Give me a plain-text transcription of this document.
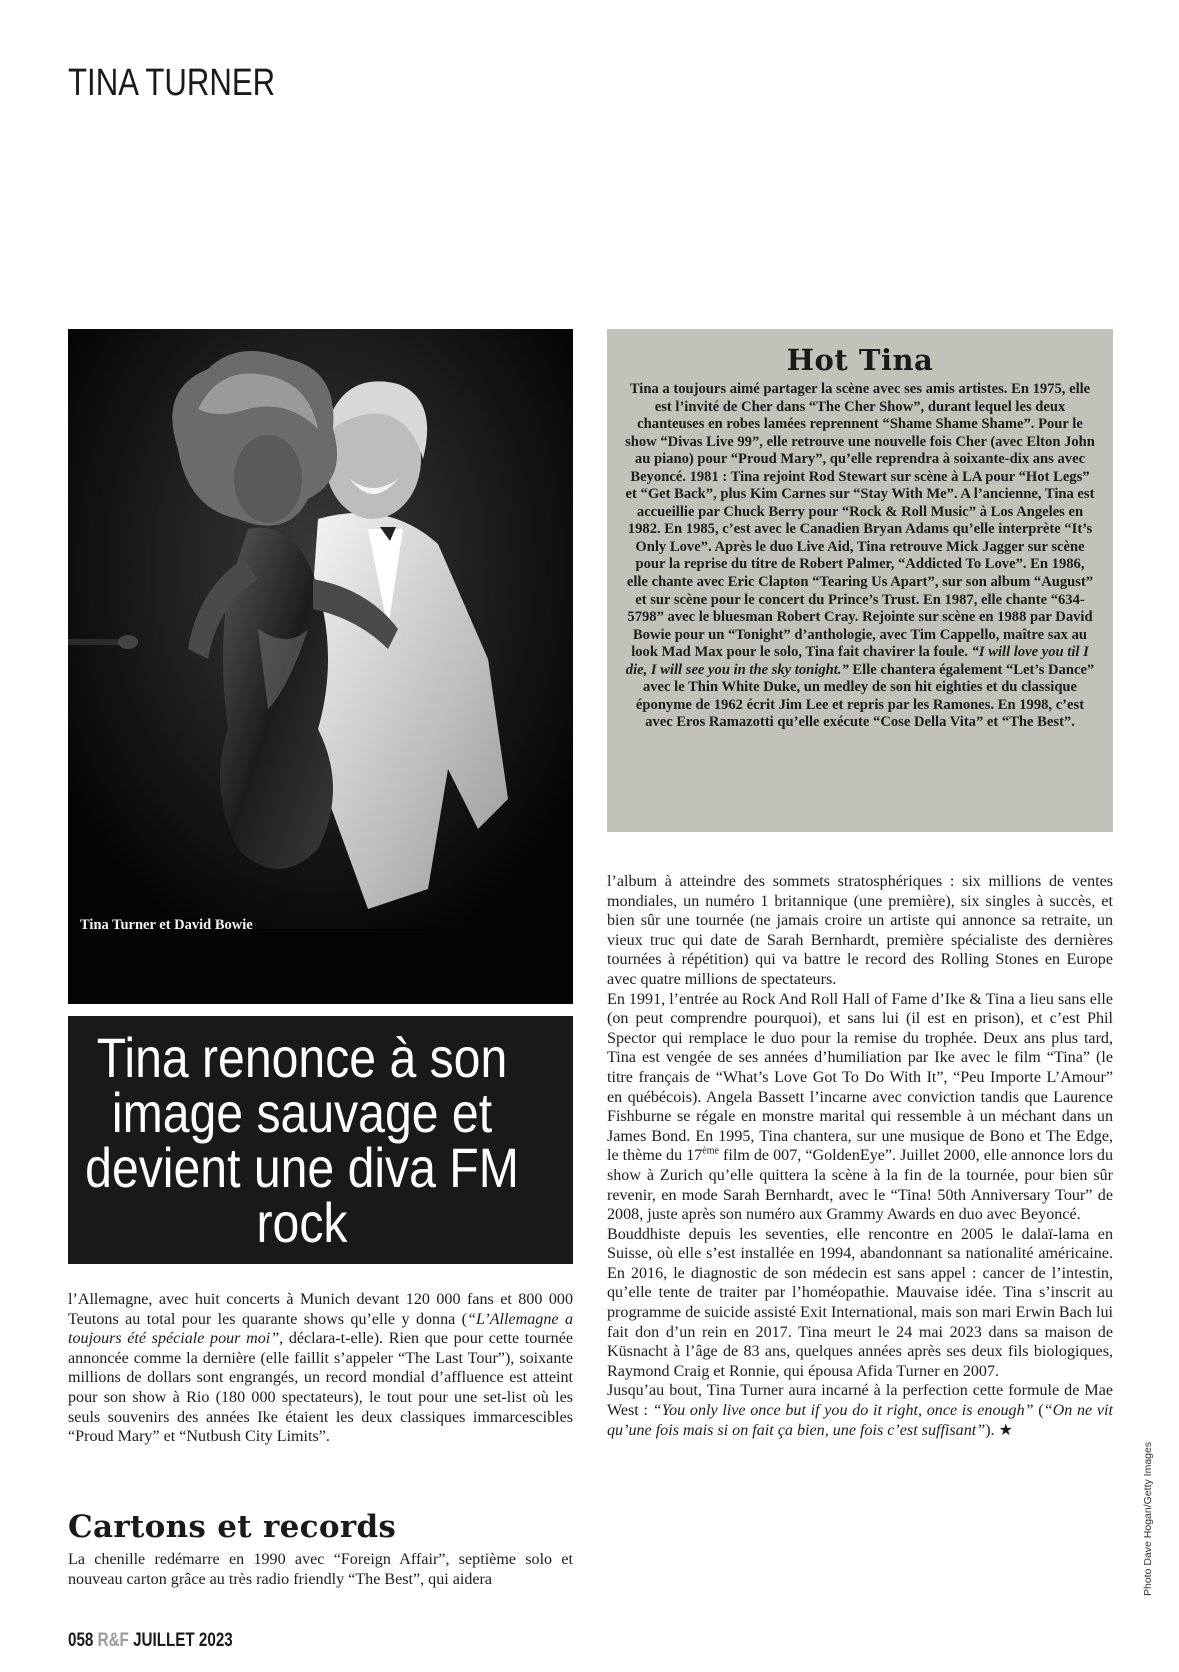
TINA TURNER
Tina Turner et David Bowie
Hot Tina

Tina a toujours aimé partager la scène avec ses amis artistes. En 1975, elle est l’invité de Cher dans “The Cher Show”, durant lequel les deux chanteuses en robes lamées reprennent “Shame Shame Shame”. Pour le show “Divas Live 99”, elle retrouve une nouvelle fois Cher (avec Elton John au piano) pour “Proud Mary”, qu’elle reprendra à soixante-dix ans avec Beyoncé. 1981 : Tina rejoint Rod Stewart sur scène à LA pour “Hot Legs” et “Get Back”, plus Kim Carnes sur “Stay With Me”. A l’ancienne, Tina est accueillie par Chuck Berry pour “Rock & Roll Music” à Los Angeles en 1982. En 1985, c’est avec le Canadien Bryan Adams qu’elle interprète “It’s Only Love”. Après le duo Live Aid, Tina retrouve Mick Jagger sur scène pour la reprise du titre de Robert Palmer, “Addicted To Love”. En 1986, elle chante avec Eric Clapton “Tearing Us Apart”, sur son album “August” et sur scène pour le concert du Prince’s Trust. En 1987, elle chante “634-5798” avec le bluesman Robert Cray. Rejointe sur scène en 1988 par David Bowie pour un “Tonight” d’anthologie, avec Tim Cappello, maître sax au look Mad Max pour le solo, Tina fait chavirer la foule. “I will love you til I die, I will see you in the sky tonight.” Elle chantera également “Let’s Dance” avec le Thin White Duke, un medley de son hit eighties et du classique éponyme de 1962 écrit Jim Lee et repris par les Ramones. En 1998, c’est avec Eros Ramazotti qu’elle exécute “Cose Della Vita” et “The Best”.

Tina renonce à son image sauvage et devient une diva FM rock

l’Allemagne, avec huit concerts à Munich devant 120 000 fans et 800 000 Teutons au total pour les quarante shows qu’elle y donna (“L’Allemagne a toujours été spéciale pour moi”, déclara-t-elle). Rien que pour cette tournée annoncée comme la dernière (elle faillit s’appeler “The Last Tour”), soixante millions de dollars sont engrangés, un record mondial d’affluence est atteint pour son show à Rio (180 000 spectateurs), le tout pour une set-list où les seuls souvenirs des années Ike étaient les deux classiques immarcescibles “Proud Mary” et “Nutbush City Limits”.

Cartons et records

La chenille redémarre en 1990 avec “Foreign Affair”, septième solo et nouveau carton grâce au très radio friendly “The Best”, qui aidera

l’album à atteindre des sommets stratosphériques : six millions de ventes mondiales, un numéro 1 britannique (une première), six singles à succès, et bien sûr une tournée (ne jamais croire un artiste qui annonce sa retraite, un vieux truc qui date de Sarah Bernhardt, première spécialiste des dernières tournées à répétition) qui va battre le record des Rolling Stones en Europe avec quatre millions de spectateurs.

En 1991, l’entrée au Rock And Roll Hall of Fame d’Ike & Tina a lieu sans elle (on peut comprendre pourquoi), et sans lui (il est en prison), et c’est Phil Spector qui remplace le duo pour la remise du trophée. Deux ans plus tard, Tina est vengée de ses années d’humiliation par Ike avec le film “Tina” (le titre français de “What’s Love Got To Do With It”, “Peu Importe L’Amour” en québécois). Angela Bassett l’incarne avec conviction tandis que Laurence Fishburne se régale en monstre marital qui ressemble à un méchant dans un James Bond. En 1995, Tina chantera, sur une musique de Bono et The Edge, le thème du 17ème film de 007, “GoldenEye”. Juillet 2000, elle annonce lors du show à Zurich qu’elle quittera la scène à la fin de la tournée, pour bien sûr revenir, en mode Sarah Bernhardt, avec le “Tina! 50th Anniversary Tour” de 2008, juste après son numéro aux Grammy Awards en duo avec Beyoncé.

Bouddhiste depuis les seventies, elle rencontre en 2005 le dalaï-lama en Suisse, où elle s’est installée en 1994, abandonnant sa nationalité américaine. En 2016, le diagnostic de son médecin est sans appel : cancer de l’intestin, qu’elle tente de traiter par l’homéopathie. Mauvaise idée. Tina s’inscrit au programme de suicide assisté Exit International, mais son mari Erwin Bach lui fait don d’un rein en 2017. Tina meurt le 24 mai 2023 dans sa maison de Küsnacht à l’âge de 83 ans, quelques années après ses deux fils biologiques, Raymond Craig et Ronnie, qui épousa Afida Turner en 2007.

Jusqu’au bout, Tina Turner aura incarné à la perfection cette formule de Mae West : “You only live once but if you do it right, once is enough” (“On ne vit qu’une fois mais si on fait ça bien, une fois c’est suffisant”). ★

058 R&F JUILLET 2023
Photo Dave Hogan/Getty Images
